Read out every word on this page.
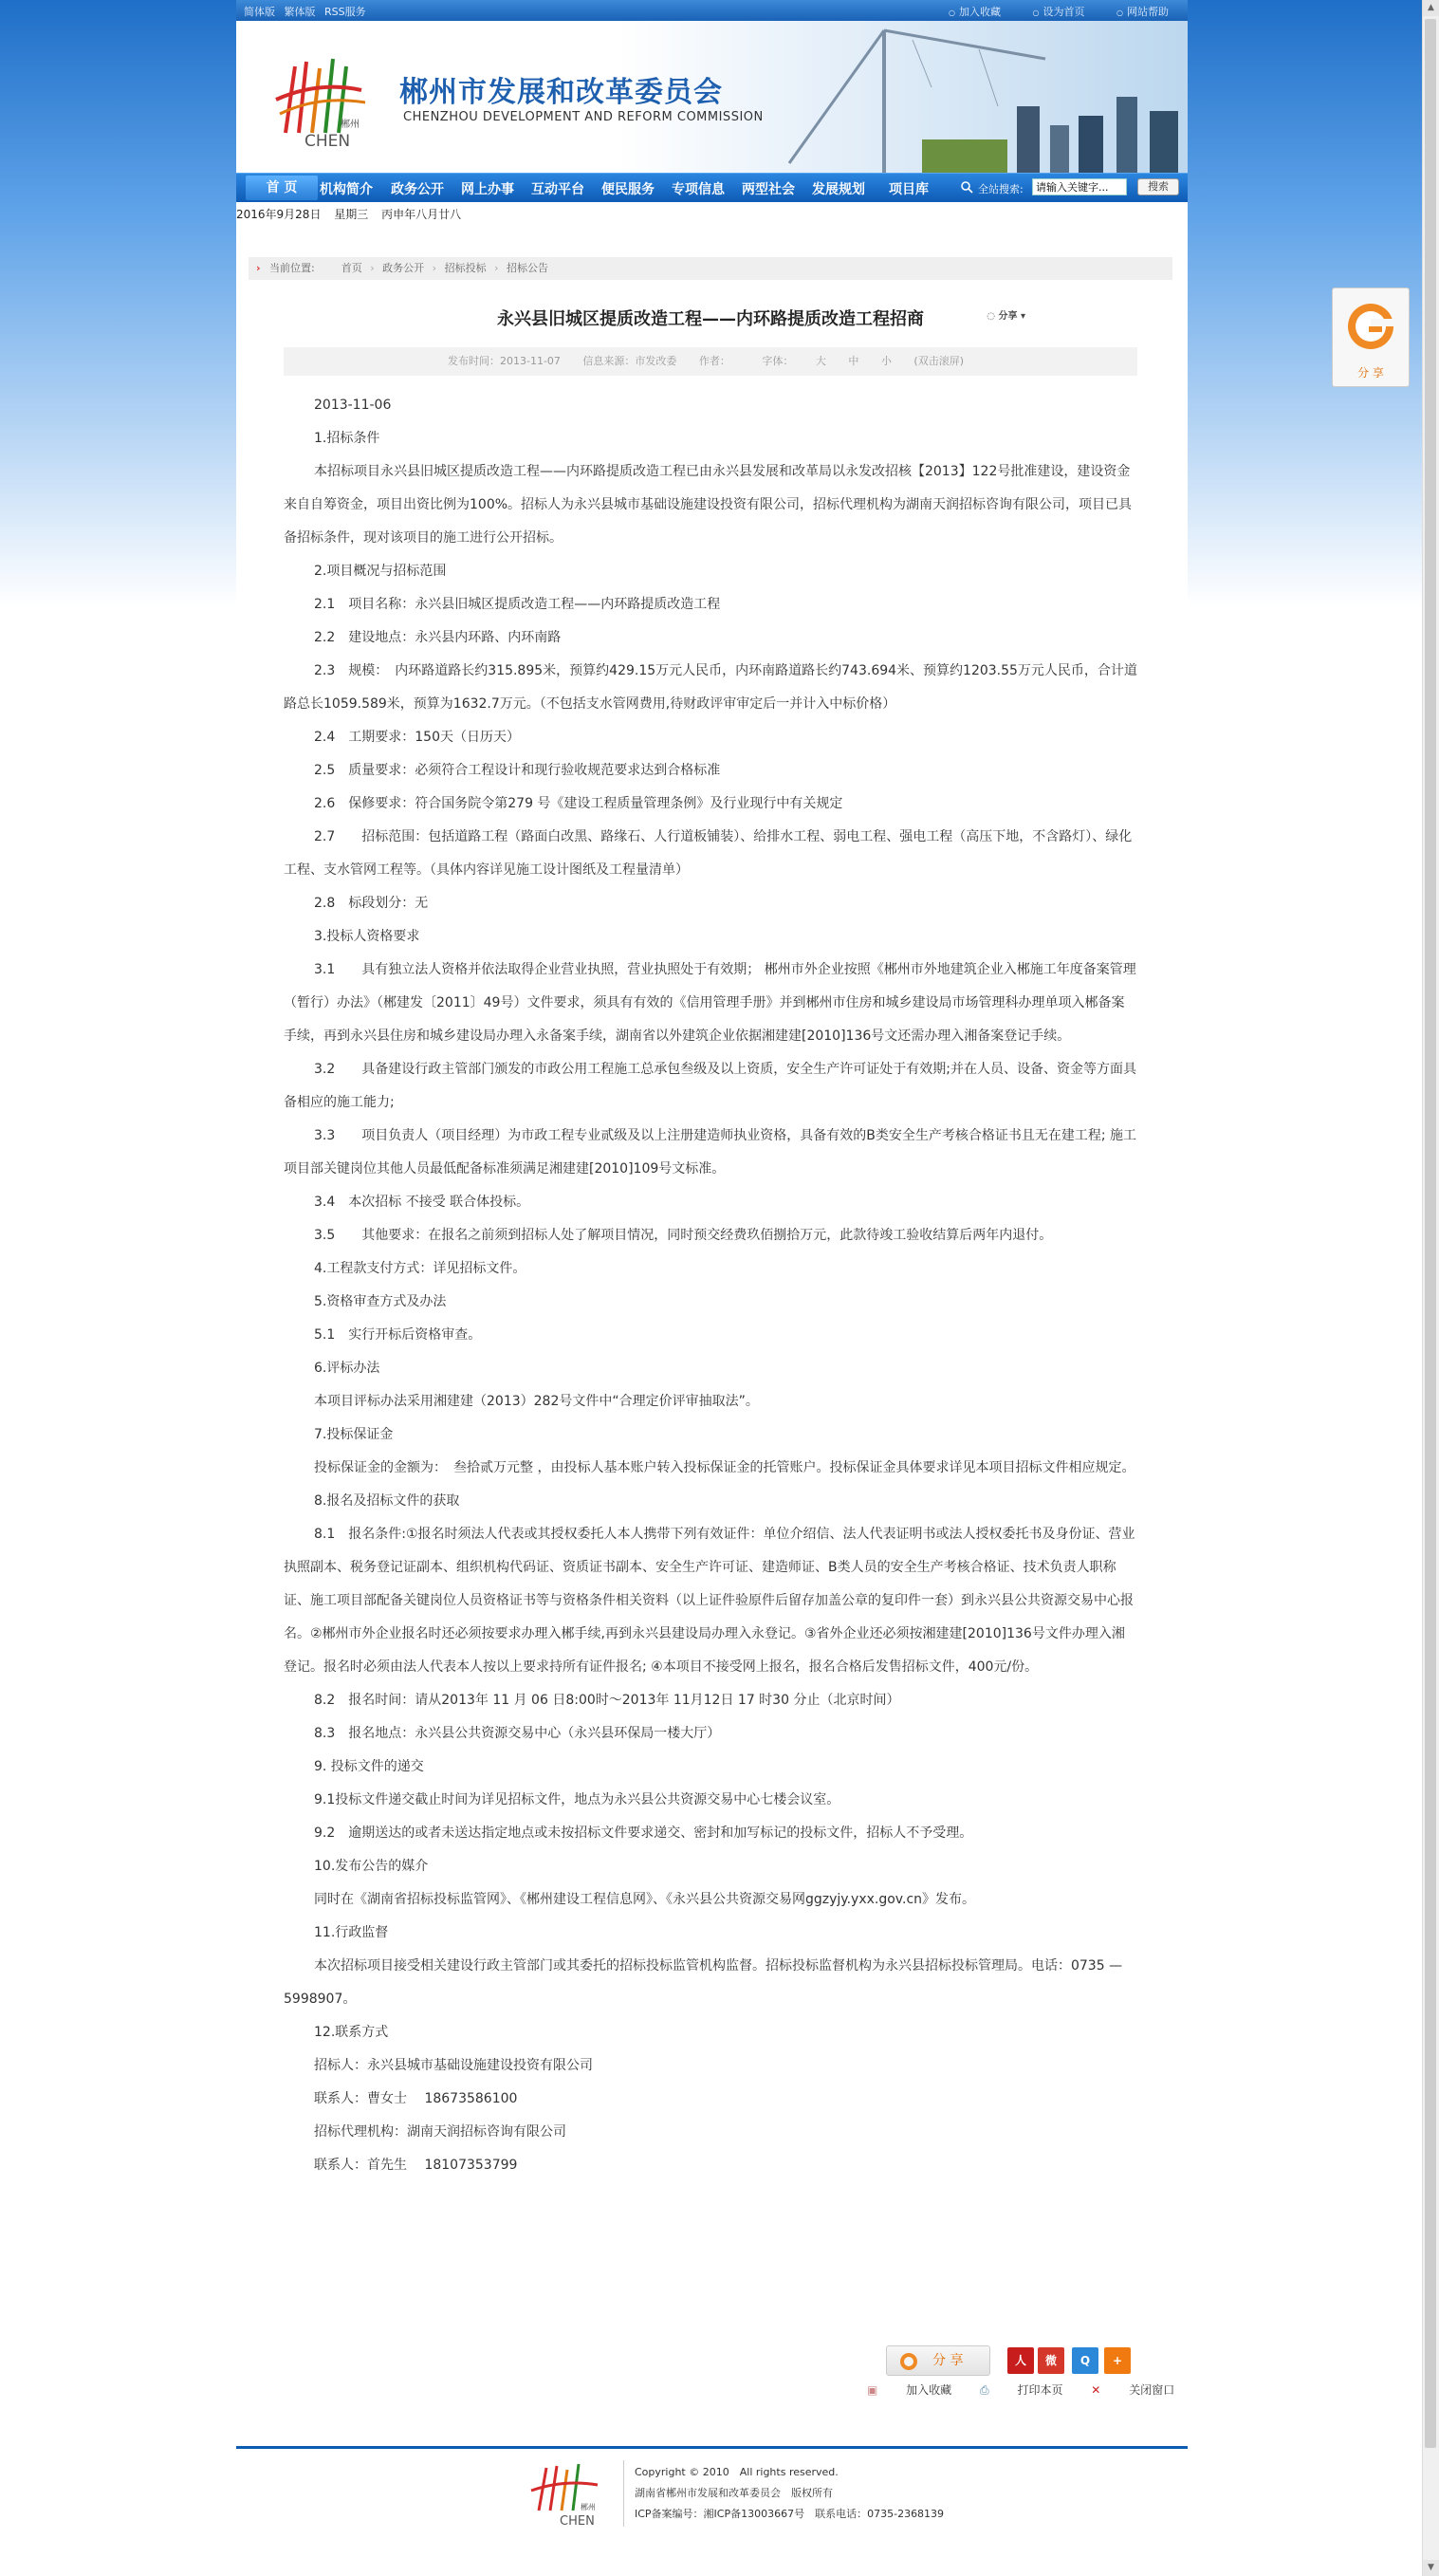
▲
▼
分 享
简体版 繁体版 RSS服务	○ 加入收藏	○ 设为首页	○ 网站帮助
郴州
CHEN
郴州市发展和改革委员会
CHENZHOU DEVELOPMENT AND REFORM COMMISSION
首 页	机构简介 政务公开 网上办事 互动平台 便民服务 专项信息 两型社会 发展规划 项目库	全站搜索:
请输入关键字...	搜索
2016年9月28日 星期三 丙申年八月廿八
› 当前位置: 　	首页 › 政务公开 › 招标投标 › 招标公告
永兴县旧城区提质改造工程——内环路提质改造工程招商	◌ 分享 ▾
发布时间：2013-11-07 信息来源：市发改委 作者：	字体： 大 中 小 (双击滚屏)

2013-11-06

1.招标条件

本招标项目永兴县旧城区提质改造工程——内环路提质改造工程已由永兴县发展和改革局以永发改招核【2013】122号批准建设，建设资金来自自筹资金，项目出资比例为100%。招标人为永兴县城市基础设施建设投资有限公司，招标代理机构为湖南天润招标咨询有限公司，项目已具备招标条件，现对该项目的施工进行公开招标。

2.项目概况与招标范围

2.1　项目名称：永兴县旧城区提质改造工程——内环路提质改造工程

2.2　建设地点：永兴县内环路、内环南路

2.3　规模：　内环路道路长约315.895米，预算约429.15万元人民币，内环南路道路长约743.694米、预算约1203.55万元人民币，合计道路总长1059.589米，预算为1632.7万元。（不包括支水管网费用,待财政评审审定后一并计入中标价格）

2.4　工期要求：150天（日历天）

2.5　质量要求：必须符合工程设计和现行验收规范要求达到合格标准

2.6　保修要求：符合国务院令第279 号《建设工程质量管理条例》及行业现行中有关规定

2.7　　招标范围：包括道路工程（路面白改黑、路缘石、人行道板铺装）、给排水工程、弱电工程、强电工程（高压下地，不含路灯）、绿化工程、支水管网工程等。（具体内容详见施工设计图纸及工程量清单）

2.8　标段划分：无

3.投标人资格要求

3.1　　具有独立法人资格并依法取得企业营业执照，营业执照处于有效期； 郴州市外企业按照《郴州市外地建筑企业入郴施工年度备案管理（暂行）办法》（郴建发〔2011〕49号）文件要求，须具有有效的《信用管理手册》并到郴州市住房和城乡建设局市场管理科办理单项入郴备案手续，再到永兴县住房和城乡建设局办理入永备案手续，湖南省以外建筑企业依据湘建建[2010]136号文还需办理入湘备案登记手续。

3.2　　具备建设行政主管部门颁发的市政公用工程施工总承包叁级及以上资质，安全生产许可证处于有效期;并在人员、设备、资金等方面具备相应的施工能力;

3.3　　项目负责人（项目经理）为市政工程专业贰级及以上注册建造师执业资格，具备有效的B类安全生产考核合格证书且无在建工程; 施工项目部关键岗位其他人员最低配备标准须满足湘建建[2010]109号文标准。

3.4　本次招标 不接受 联合体投标。

3.5　　其他要求：在报名之前须到招标人处了解项目情况，同时预交经费玖佰捌拾万元，此款待竣工验收结算后两年内退付。

4.工程款支付方式：详见招标文件。

5.资格审查方式及办法

5.1　实行开标后资格审查。

6.评标办法

本项目评标办法采用湘建建（2013）282号文件中“合理定价评审抽取法”。

7.投标保证金

投标保证金的金额为：　叁拾贰万元整 ，由投标人基本账户转入投标保证金的托管账户。投标保证金具体要求详见本项目招标文件相应规定。

8.报名及招标文件的获取

8.1　报名条件:①报名时须法人代表或其授权委托人本人携带下列有效证件：单位介绍信、法人代表证明书或法人授权委托书及身份证、营业执照副本、税务登记证副本、组织机构代码证、资质证书副本、安全生产许可证、建造师证、B类人员的安全生产考核合格证、技术负责人职称证、施工项目部配备关键岗位人员资格证书等与资格条件相关资料（以上证件验原件后留存加盖公章的复印件一套）到永兴县公共资源交易中心报名。②郴州市外企业报名时还必须按要求办理入郴手续,再到永兴县建设局办理入永登记。③省外企业还必须按湘建建[2010]136号文件办理入湘登记。报名时必须由法人代表本人按以上要求持所有证件报名; ④本项目不接受网上报名，报名合格后发售招标文件，400元/份。

8.2　报名时间：请从2013年 11 月 06 日8:00时～2013年 11月12日 17 时30 分止（北京时间）

8.3　报名地点：永兴县公共资源交易中心（永兴县环保局一楼大厅）

9. 投标文件的递交

9.1投标文件递交截止时间为详见招标文件，地点为永兴县公共资源交易中心七楼会议室。

9.2　逾期送达的或者未送达指定地点或未按招标文件要求递交、密封和加写标记的投标文件，招标人不予受理。

10.发布公告的媒介

同时在《湖南省招标投标监管网》、《郴州建设工程信息网》、《永兴县公共资源交易网ggzyjy.yxx.gov.cn》发布。

11.行政监督

本次招标项目接受相关建设行政主管部门或其委托的招标投标监管机构监督。招标投标监督机构为永兴县招标投标管理局。电话：0735 — 5998907。

12.联系方式

招标人：永兴县城市基础设施建设投资有限公司

联系人：曹女士　 18673586100

招标代理机构：湖南天润招标咨询有限公司

联系人：首先生　 18107353799

分 享	人	微	Q	+
▣ 加入收藏 ⎙ 打印本页 ✕ 关闭窗口
郴州
CHEN
Copyright © 2010　All rights reserved.
湖南省郴州市发展和改革委员会　版权所有
ICP备案编号：湘ICP备13003667号　联系电话：0735-2368139
